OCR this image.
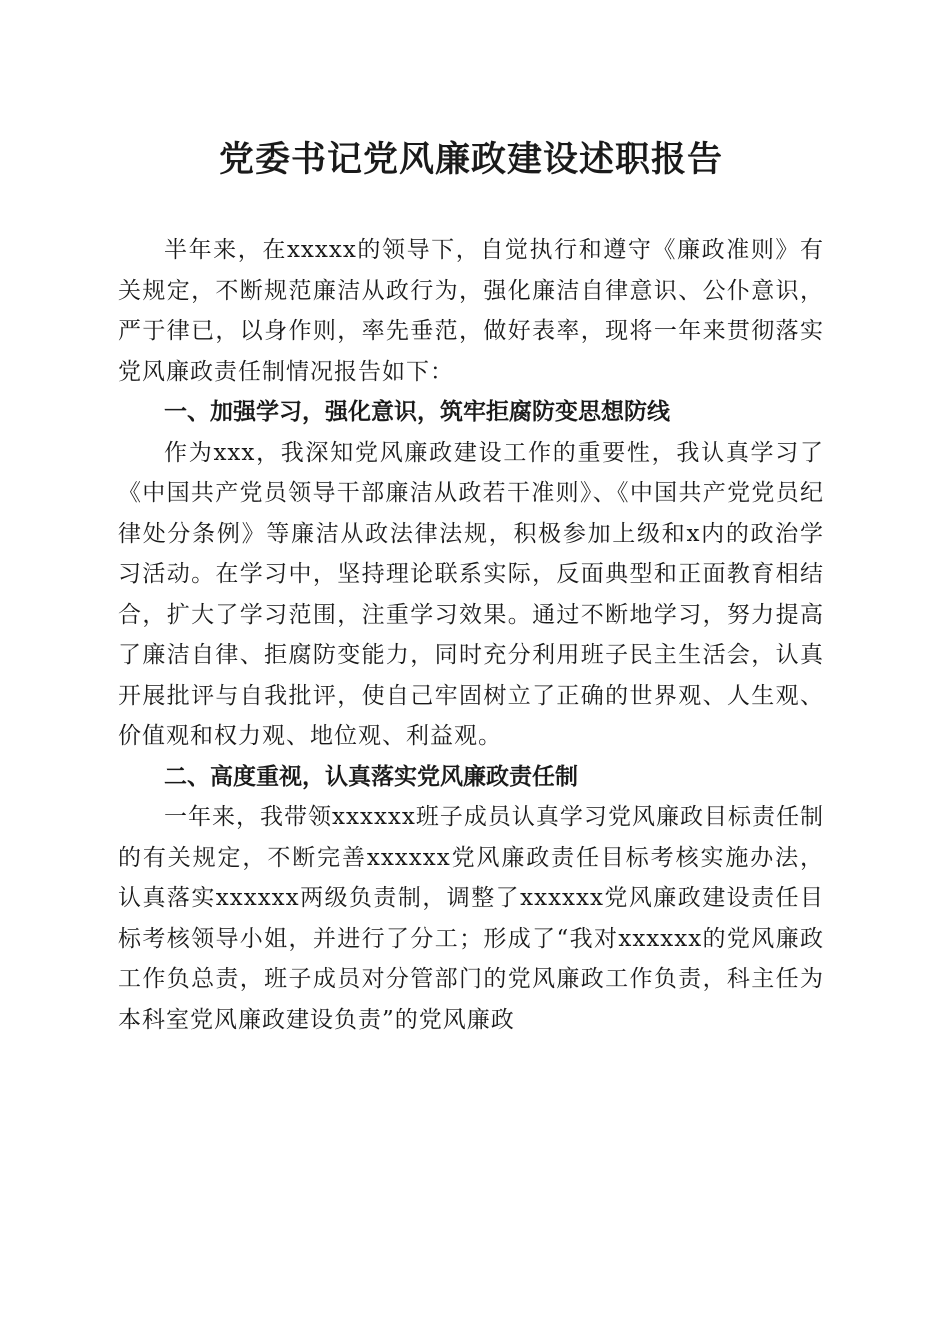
党委书记党风廉政建设述职报告

半年来，在xxxxx的领导下，自觉执行和遵守《廉政准则》有关规定，不断规范廉洁从政行为，强化廉洁自律意识、公仆意识，严于律已，以身作则，率先垂范，做好表率，现将一年来贯彻落实党风廉政责任制情况报告如下：

一、加强学习，强化意识，筑牢拒腐防变思想防线

作为xxx，我深知党风廉政建设工作的重要性，我认真学习了《中国共产党员领导干部廉洁从政若干准则》、《中国共产党党员纪律处分条例》等廉洁从政法律法规，积极参加上级和x内的政治学习活动。在学习中，坚持理论联系实际，反面典型和正面教育相结合，扩大了学习范围，注重学习效果。通过不断地学习，努力提高了廉洁自律、拒腐防变能力，同时充分利用班子民主生活会，认真开展批评与自我批评，使自己牢固树立了正确的世界观、人生观、价值观和权力观、地位观、利益观。

二、高度重视，认真落实党风廉政责任制

一年来，我带领xxxxxx班子成员认真学习党风廉政目标责任制的有关规定，不断完善xxxxxx党风廉政责任目标考核实施办法，认真落实xxxxxx两级负责制，调整了xxxxxx党风廉政建设责任目标考核领导小姐，并进行了分工；形成了“我对xxxxxx的党风廉政工作负总责，班子成员对分管部门的党风廉政工作负责，科主任为本科室党风廉政建设负责”的党风廉政
